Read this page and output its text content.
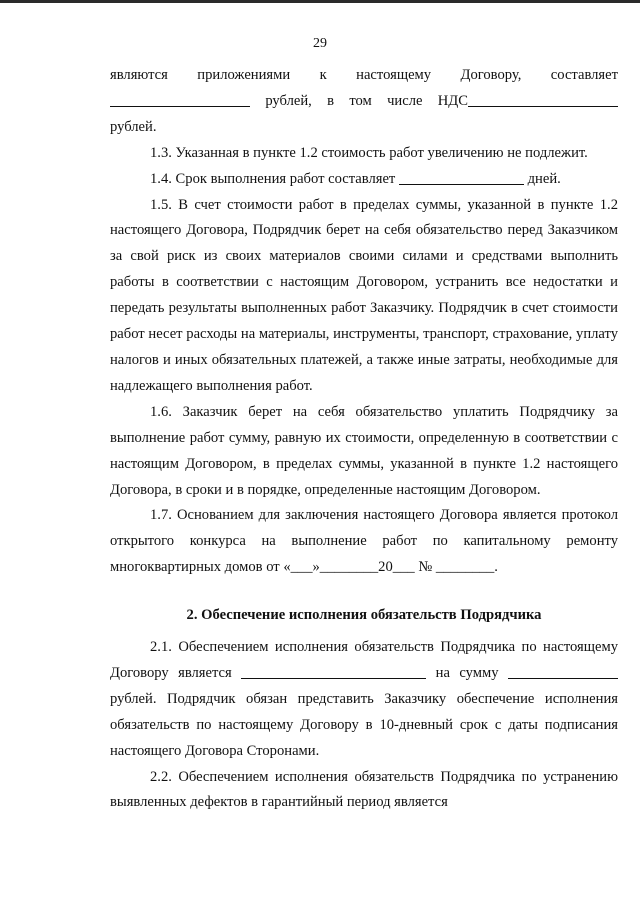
29

являются приложениями к настоящему Договору, составляет

рублей, в том числе НДС

рублей.

1.3. Указанная в пункте 1.2 стоимость работ увеличению не подлежит.

1.4. Срок выполнения работ составляет	дней.

1.5. В счет стоимости работ в пределах суммы, указанной в пункте 1.2 настоящего Договора, Подрядчик берет на себя обязательство перед Заказчиком за свой риск из своих материалов своими силами и средствами выполнить работы в соответствии с настоящим Договором, устранить все недостатки и передать результаты выполненных работ Заказчику. Подрядчик в счет стоимости работ несет расходы на материалы, инструменты, транспорт, страхование, уплату налогов и иных обязательных платежей, а также иные затраты, необходимые для надлежащего выполнения работ.

1.6. Заказчик берет на себя обязательство уплатить Подрядчику за выполнение работ сумму, равную их стоимости, определенную в соответствии с настоящим Договором, в пределах суммы, указанной в пункте 1.2 настоящего Договора, в сроки и в порядке, определенные настоящим Договором.

1.7. Основанием для заключения настоящего Договора является протокол открытого конкурса на выполнение работ по капитальному ремонту многоквартирных домов от «___»________20___ № ________.

2. Обеспечение исполнения обязательств Подрядчика

2.1. Обеспечением исполнения обязательств Подрядчика по настоящему Договору является	на сумму  рублей. Подрядчик обязан представить Заказчику обеспечение исполнения обязательств по настоящему Договору в 10-дневный срок с даты подписания настоящего Договора Сторонами.

2.2. Обеспечением исполнения обязательств Подрядчика по устранению выявленных дефектов в гарантийный период является
